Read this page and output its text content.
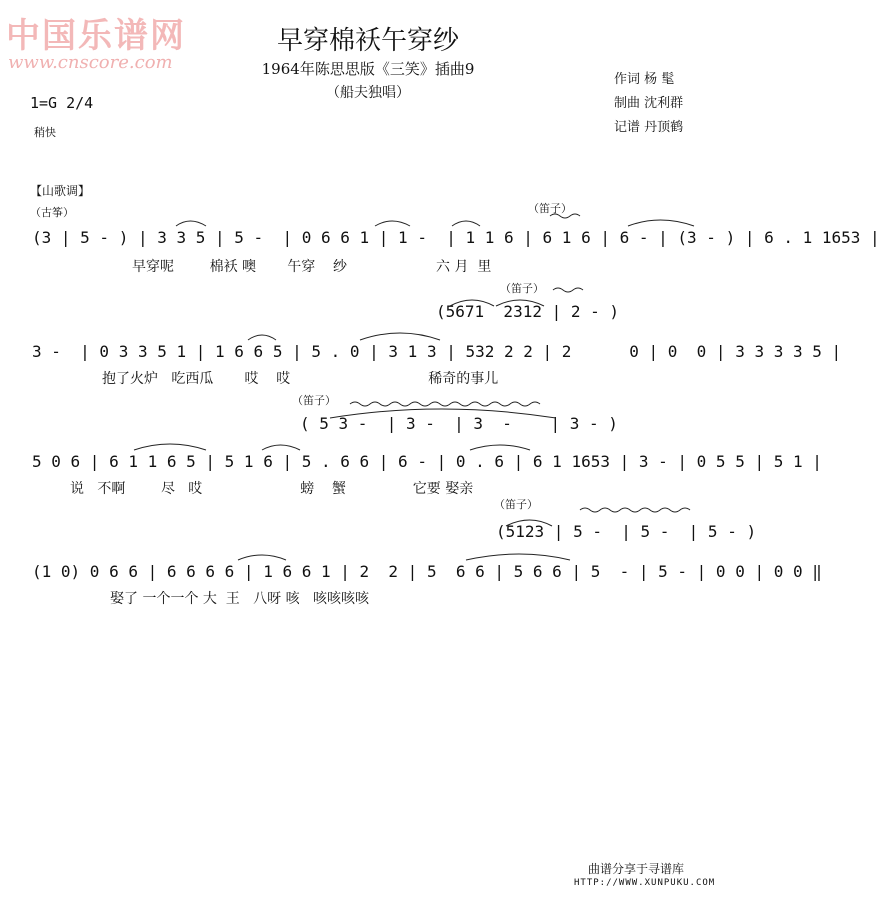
中国乐谱网
www.cnscore.com
早穿棉袄午穿纱
1964年陈思思版《三笑》插曲9
（船夫独唱）
作词 杨 髦
制曲 沈利群
记谱 丹顶鹤
1=G 2/4
稍快
【山歌调】
（古筝）	（笛子）
(3 | 5 - ) | 3 3 5 | 5 -  | 0 6 6 1 | 1 -  | 1 1 6 | 6 1 6 | 6 - | (3 - ) | 6 . 1 1653 |
早穿呢        棉袄 噢       午穿    纱                    六 月  里
（笛子）
(5671  2312 | 2 - )
3 -  | 0 3 3 5 1 | 1 6 6 5 | 5 . 0 | 3 1 3 | 532 2 2 | 2      0 | 0  0 | 3 3 3 3 5 |
抱了火炉   吃西瓜       哎    哎                               稀奇的事儿
（笛子）
( 5 3 -  | 3 -  | 3  -    | 3 - )
5 0 6 | 6 1 1 6 5 | 5 1 6 | 5 . 6 6 | 6 - | 0 . 6 | 6 1 1653 | 3 - | 0 5 5 | 5 1 |
说   不啊        尽   哎                      螃    蟹               它要 娶亲
（笛子）
(5123 | 5 -  | 5 -  | 5 - )
(1 0) 0 6 6 | 6 6 6 6 | 1 6 6 1 | 2  2 | 5  6 6 | 5 6 6 | 5  - | 5 - | 0 0 | 0 0 ‖
娶了 一个一个 大  王   八呀 咳   咳咳咳咳
曲谱分享于寻谱库
HTTP://WWW.XUNPUKU.COM
